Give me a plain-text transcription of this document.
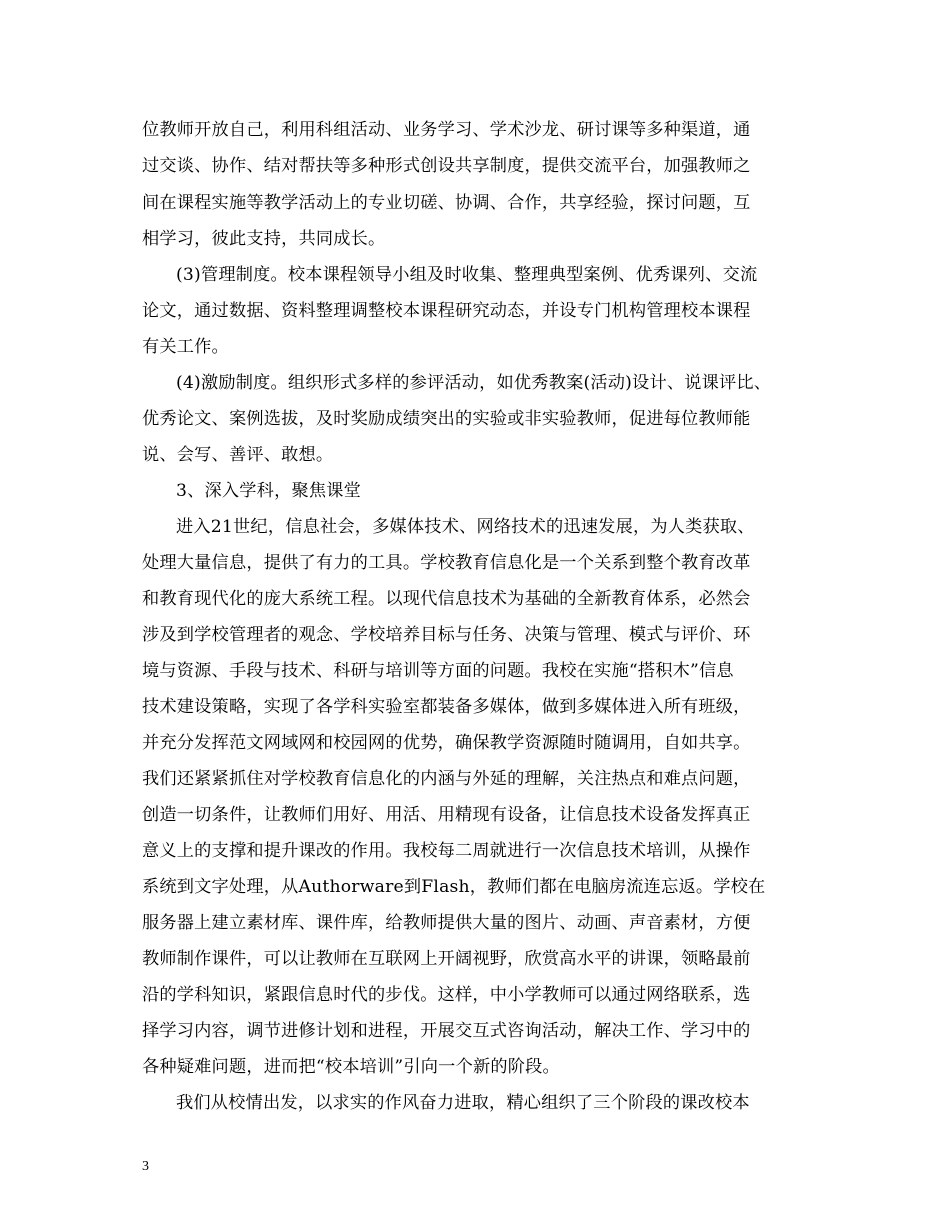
位教师开放自己，利用科组活动、业务学习、学术沙龙、研讨课等多种渠道，通
过交谈、协作、结对帮扶等多种形式创设共享制度，提供交流平台，加强教师之
间在课程实施等教学活动上的专业切磋、协调、合作，共享经验，探讨问题，互
相学习，彼此支持，共同成长。
(3)管理制度。校本课程领导小组及时收集、整理典型案例、优秀课列、交流
论文，通过数据、资料整理调整校本课程研究动态，并设专门机构管理校本课程
有关工作。
(4)激励制度。组织形式多样的参评活动，如优秀教案(活动)设计、说课评比、
优秀论文、案例选拔，及时奖励成绩突出的实验或非实验教师，促进每位教师能
说、会写、善评、敢想。
3、深入学科，聚焦课堂
进入21世纪，信息社会，多媒体技术、网络技术的迅速发展，为人类获取、
处理大量信息，提供了有力的工具。学校教育信息化是一个关系到整个教育改革
和教育现代化的庞大系统工程。以现代信息技术为基础的全新教育体系，必然会
涉及到学校管理者的观念、学校培养目标与任务、决策与管理、模式与评价、环
境与资源、手段与技术、科研与培训等方面的问题。我校在实施“搭积木”信息
技术建设策略，实现了各学科实验室都装备多媒体，做到多媒体进入所有班级，
并充分发挥范文网域网和校园网的优势，确保教学资源随时随调用，自如共享。
我们还紧紧抓住对学校教育信息化的内涵与外延的理解，关注热点和难点问题，
创造一切条件，让教师们用好、用活、用精现有设备，让信息技术设备发挥真正
意义上的支撑和提升课改的作用。我校每二周就进行一次信息技术培训，从操作
系统到文字处理，从Authorware到Flash，教师们都在电脑房流连忘返。学校在
服务器上建立素材库、课件库，给教师提供大量的图片、动画、声音素材，方便
教师制作课件，可以让教师在互联网上开阔视野，欣赏高水平的讲课，领略最前
沿的学科知识，紧跟信息时代的步伐。这样，中小学教师可以通过网络联系，选
择学习内容，调节进修计划和进程，开展交互式咨询活动，解决工作、学习中的
各种疑难问题，进而把“校本培训”引向一个新的阶段。
我们从校情出发，以求实的作风奋力进取，精心组织了三个阶段的课改校本
3
